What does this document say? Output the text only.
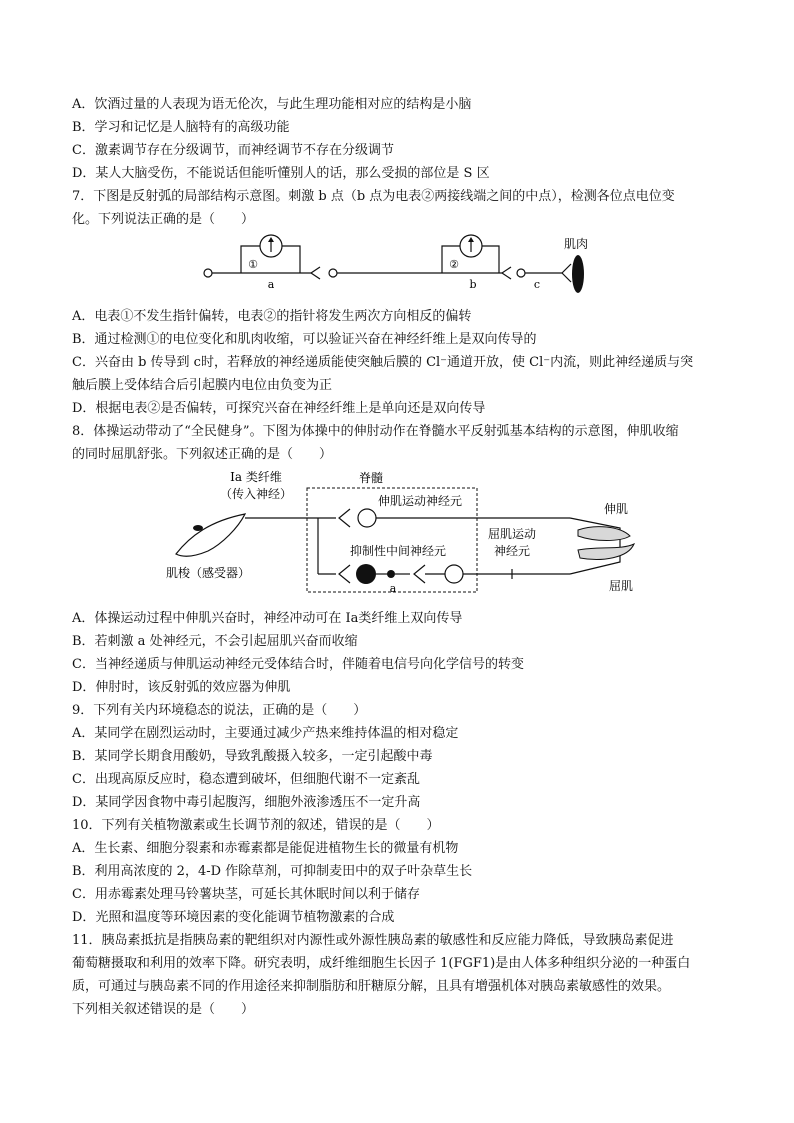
A．饮酒过量的人表现为语无伦次，与此生理功能相对应的结构是小脑
B．学习和记忆是人脑特有的高级功能
C．激素调节存在分级调节，而神经调节不存在分级调节
D．某人大脑受伤，不能说话但能听懂别人的话，那么受损的部位是 S 区
7．下图是反射弧的局部结构示意图。刺激 b 点（b 点为电表②两接线端之间的中点），检测各位点电位变
化。下列说法正确的是（　　）
①
a
②
b	c
肌肉
A．电表①不发生指针偏转，电表②的指针将发生两次方向相反的偏转
B．通过检测①的电位变化和肌肉收缩，可以验证兴奋在神经纤维上是双向传导的
C．兴奋由 b 传导到 c时，若释放的神经递质能使突触后膜的 Cl⁻通道开放，使 Cl⁻内流，则此神经递质与突
触后膜上受体结合后引起膜内电位由负变为正
D．根据电表②是否偏转，可探究兴奋在神经纤维上是单向还是双向传导
8．体操运动带动了“全民健身”。下图为体操中的伸肘动作在脊髓水平反射弧基本结构的示意图，伸肌收缩
的同时屈肌舒张。下列叙述正确的是（　　）
脊髓
Ia 类纤维
（传入神经）
肌梭（感受器）
伸肌运动神经元
a
抑制性中间神经元
屈肌运动
神经元
伸肌
屈肌
A．体操运动过程中伸肌兴奋时，神经冲动可在 Ia类纤维上双向传导
B．若刺激 a 处神经元，不会引起屈肌兴奋而收缩
C．当神经递质与伸肌运动神经元受体结合时，伴随着电信号向化学信号的转变
D．伸肘时，该反射弧的效应器为伸肌
9．下列有关内环境稳态的说法，正确的是（　　）
A．某同学在剧烈运动时，主要通过减少产热来维持体温的相对稳定
B．某同学长期食用酸奶，导致乳酸摄入较多，一定引起酸中毒
C．出现高原反应时，稳态遭到破坏，但细胞代谢不一定紊乱
D．某同学因食物中毒引起腹泻，细胞外液渗透压不一定升高
10．下列有关植物激素或生长调节剂的叙述，错误的是（　　）
A．生长素、细胞分裂素和赤霉素都是能促进植物生长的微量有机物
B．利用高浓度的 2，4-D 作除草剂，可抑制麦田中的双子叶杂草生长
C．用赤霉素处理马铃薯块茎，可延长其休眠时间以利于储存
D．光照和温度等环境因素的变化能调节植物激素的合成
11．胰岛素抵抗是指胰岛素的靶组织对内源性或外源性胰岛素的敏感性和反应能力降低，导致胰岛素促进
葡萄糖摄取和利用的效率下降。研究表明，成纤维细胞生长因子 1(FGF1)是由人体多种组织分泌的一种蛋白
质，可通过与胰岛素不同的作用途径来抑制脂肪和肝糖原分解，且具有增强机体对胰岛素敏感性的效果。
下列相关叙述错误的是（　　）
